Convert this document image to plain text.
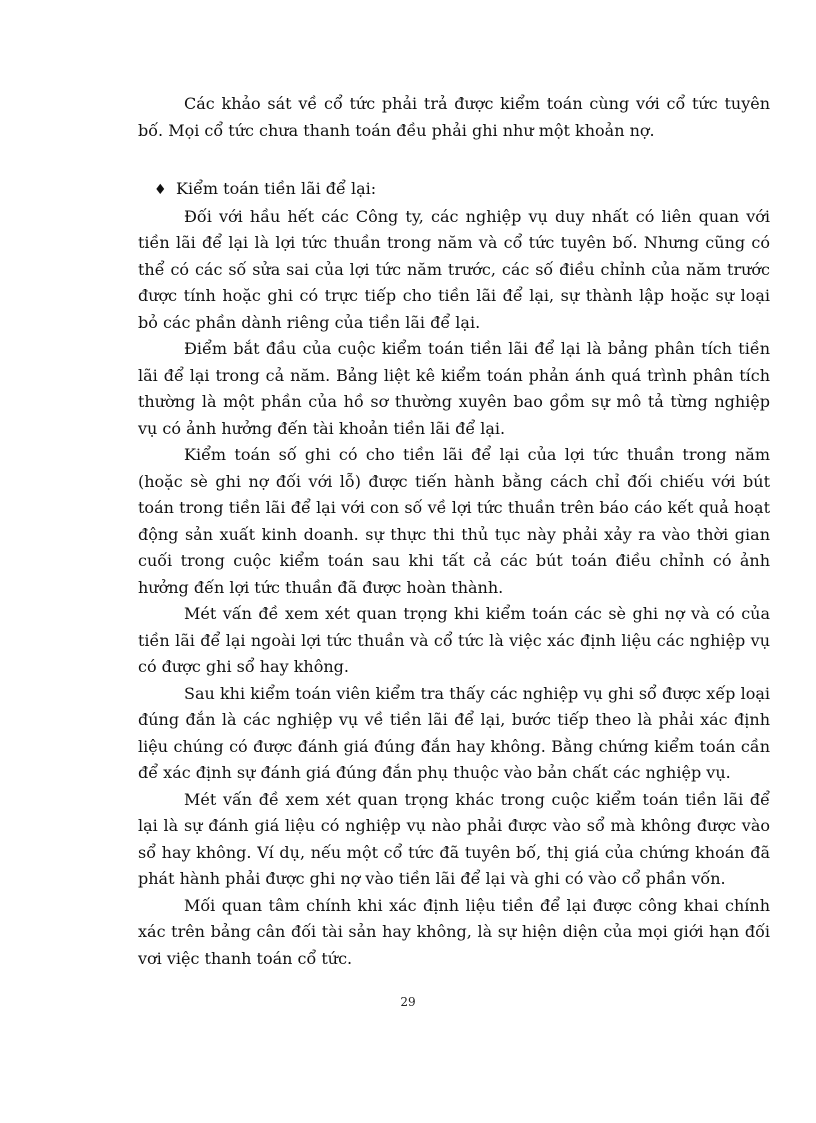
Các khảo sát về cổ tức phải trả được kiểm toán cùng với cổ tức tuyên bố. Mọi cổ tức chưa thanh toán đều phải ghi như một khoản nợ.

♦ Kiểm toán tiền lãi để lại:

Đối với hầu hết các Công ty, các nghiệp vụ duy nhất có liên quan với tiền lãi để lại là lợi tức thuần trong năm và cổ tức tuyên bố. Nhưng cũng có thể có các số sửa sai của lợi tức năm trước, các số điều chỉnh của năm trước được tính hoặc ghi có trực tiếp cho tiền lãi để lại, sự thành lập hoặc sự loại bỏ các phần dành riêng của tiền lãi để lại.

Điểm bắt đầu của cuộc kiểm toán tiền lãi để lại là bảng phân tích tiền lãi để lại trong cả năm. Bảng liệt kê kiểm toán phản ánh quá trình phân tích thường là một phần của hồ sơ thường xuyên bao gồm sự mô tả từng nghiệp vụ có ảnh hưởng đến tài khoản tiền lãi để lại.

Kiểm toán số ghi có cho tiền lãi để lại của lợi tức thuần trong năm (hoặc sè ghi nợ đối với lỗ) được tiến hành bằng cách chỉ đối chiếu với bút toán trong tiền lãi để lại với con số về lợi tức thuần trên báo cáo kết quả hoạt động sản xuất kinh doanh. sự thực thi thủ tục này phải xảy ra vào thời gian cuối trong cuộc kiểm toán sau khi tất cả các bút toán điều chỉnh có ảnh hưởng đến lợi tức thuần đã được hoàn thành.

Mét vấn đề xem xét quan trọng khi kiểm toán các sè ghi nợ và có của tiền lãi để lại ngoài lợi tức thuần và cổ tức là việc xác định liệu các nghiệp vụ có được ghi sổ hay không.

Sau khi kiểm toán viên kiểm tra thấy các nghiệp vụ ghi sổ được xếp loại đúng đắn là các nghiệp vụ về tiền lãi để lại, bước tiếp theo là phải xác định liệu chúng có được đánh giá đúng đắn hay không. Bằng chứng kiểm toán cần để xác định sự đánh giá đúng đắn phụ thuộc vào bản chất các nghiệp vụ.

Mét vấn đề xem xét quan trọng khác trong cuộc kiểm toán tiền lãi để lại là sự đánh giá liệu có nghiệp vụ nào phải được vào sổ mà không được vào sổ hay không. Ví dụ, nếu một cổ tức đã tuyên bố, thị giá của chứng khoán đã phát hành phải được ghi nợ vào tiền lãi để lại và ghi có vào cổ phần vốn.

Mối quan tâm chính khi xác định liệu tiền để lại được công khai chính xác trên bảng cân đối tài sản hay không, là sự hiện diện của mọi giới hạn đối vơi việc thanh toán cổ tức.

29
